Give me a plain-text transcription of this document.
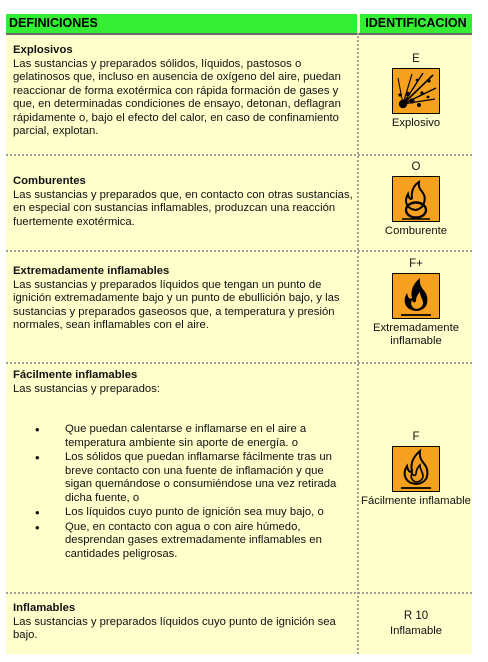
DEFINICIONES	IDENTIFICACION
Explosivos
Las sustancias y preparados sólidos, líquidos, pastosos o gelatinosos que, incluso en ausencia de oxígeno del aire, puedan reaccionar de forma exotérmica con rápida formación de gases y que, en determinadas condiciones de ensayo, detonan, deflagran rápidamente o, bajo el efecto del calor, en caso de confinamiento parcial, explotan.
E
Explosivo
Comburentes
Las sustancias y preparados que, en contacto con otras sustancias, en especial con sustancias inflamables, produzcan una reacción fuertemente exotérmica.
O
Comburente
Extremadamente inflamables
Las sustancias y preparados líquidos que tengan un punto de ignición extremadamente bajo y un punto de ebullición bajo, y las sustancias y preparados gaseosos que, a temperatura y presión normales, sean inflamables con el aire.
F+
Extremadamente inflamable
Fácilmente inflamables
Las sustancias y preparados:
• Que puedan calentarse e inflamarse en el aire a temperatura ambiente sin aporte de energía. o
• Los sólidos que puedan inflamarse fácilmente tras un breve contacto con una fuente de inflamación y que sigan quemándose o consumiéndose una vez retirada dicha fuente, o
• Los líquidos cuyo punto de ignición sea muy bajo, o
• Que, en contacto con agua o con aire húmedo, desprendan gases extremadamente inflamables en cantidades peligrosas.
F
Fácilmente inflamable
Inflamables
Las sustancias y preparados líquidos cuyo punto de ignición sea bajo.
R 10
Inflamable
